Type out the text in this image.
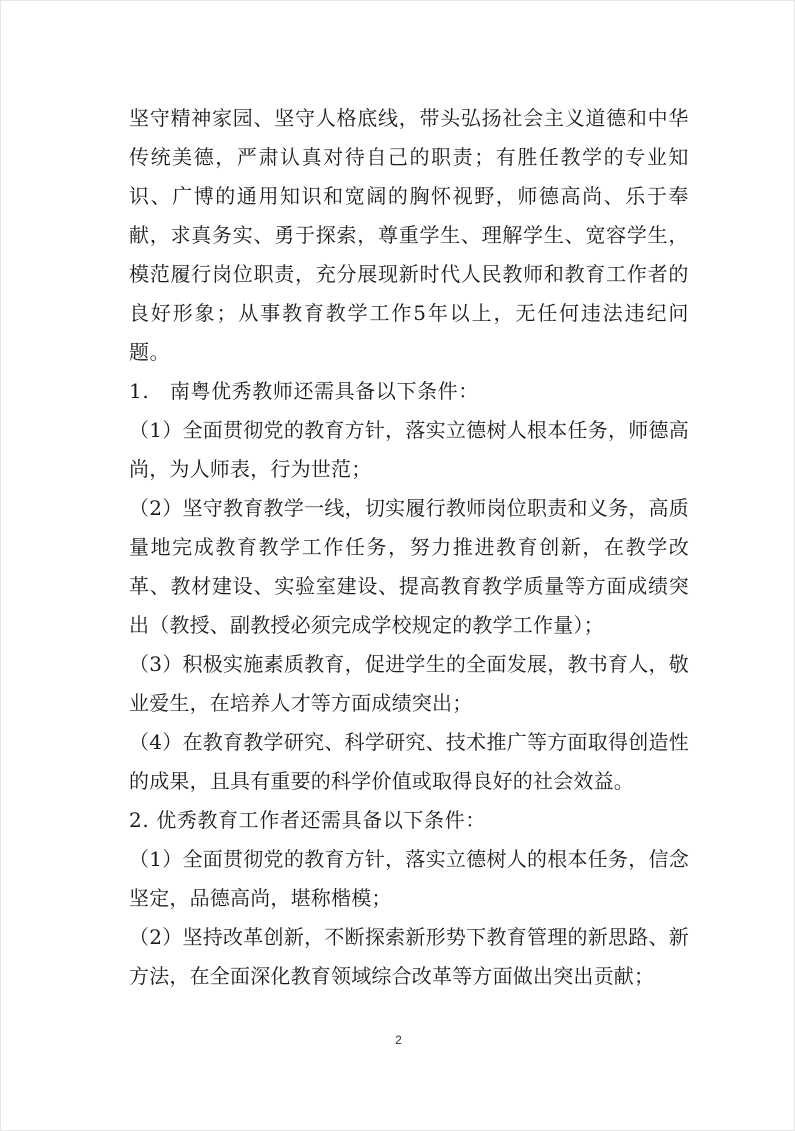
坚守精神家园、坚守人格底线，带头弘扬社会主义道德和中华传统美德，严肃认真对待自己的职责；有胜任教学的专业知识、广博的通用知识和宽阔的胸怀视野，师德高尚、乐于奉献，求真务实、勇于探索，尊重学生、理解学生、宽容学生，模范履行岗位职责，充分展现新时代人民教师和教育工作者的良好形象；从事教育教学工作5年以上，无任何违法违纪问题。

1.　南粤优秀教师还需具备以下条件：

（1）全面贯彻党的教育方针，落实立德树人根本任务，师德高尚，为人师表，行为世范；

（2）坚守教育教学一线，切实履行教师岗位职责和义务，高质量地完成教育教学工作任务，努力推进教育创新，在教学改革、教材建设、实验室建设、提高教育教学质量等方面成绩突出（教授、副教授必须完成学校规定的教学工作量）；

（3）积极实施素质教育，促进学生的全面发展，教书育人，敬业爱生，在培养人才等方面成绩突出；

（4）在教育教学研究、科学研究、技术推广等方面取得创造性的成果，且具有重要的科学价值或取得良好的社会效益。

2. 优秀教育工作者还需具备以下条件：

（1）全面贯彻党的教育方针，落实立德树人的根本任务，信念坚定，品德高尚，堪称楷模；

（2）坚持改革创新，不断探索新形势下教育管理的新思路、新方法，在全面深化教育领域综合改革等方面做出突出贡献；

2
